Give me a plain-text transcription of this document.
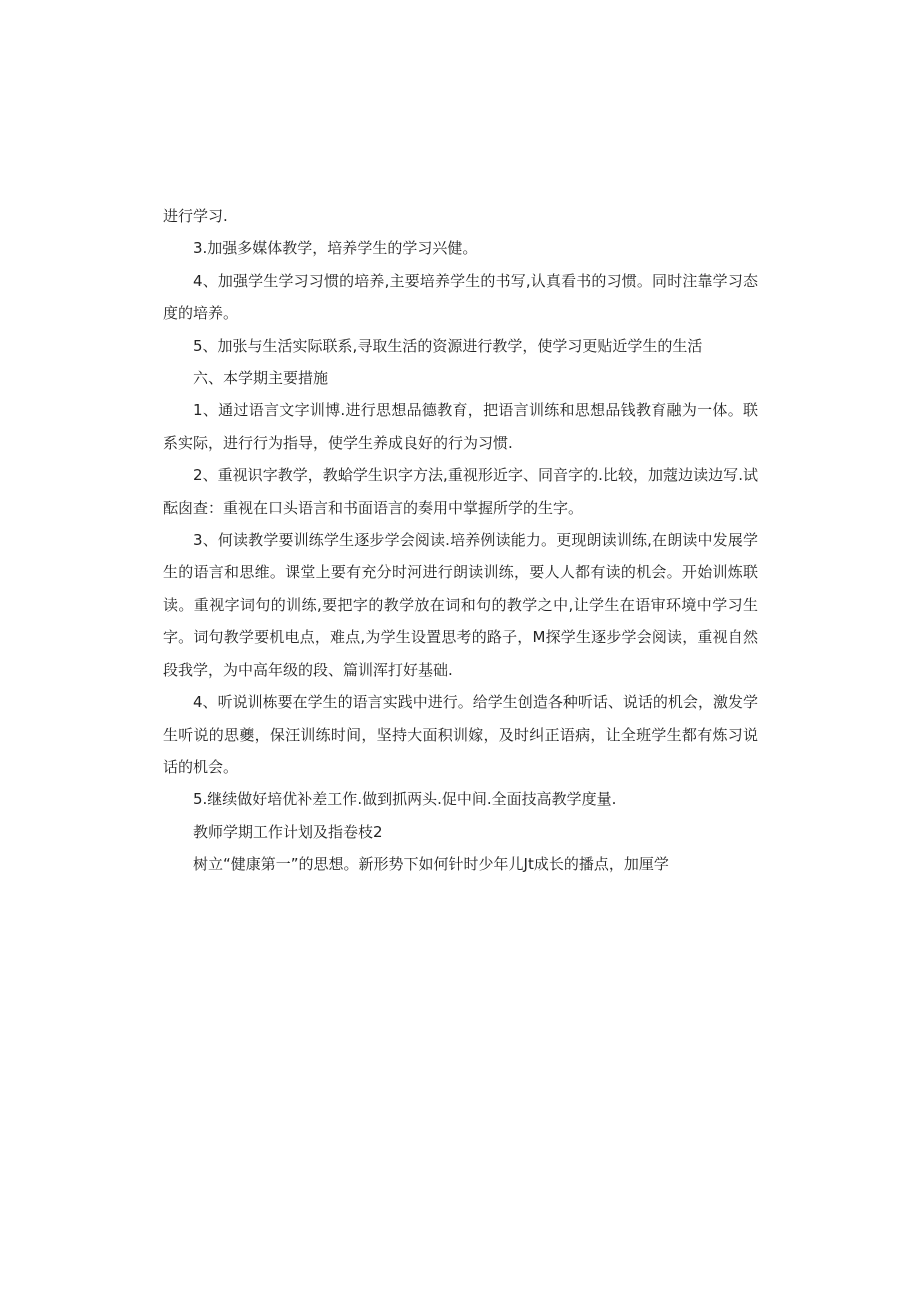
进行学习.

3.加强多媒体教学，培养学生的学习兴健。

4、加强学生学习习惯的培养,主要培养学生的书写,认真看书的习惯。同时注靠学习态度的培养。

5、加张与生活实际联系,寻取生活的资源进行教学，使学习更贴近学生的生活

六、本学期主要措施

1、通过语言文字训博.进行思想品德教育，把语言训练和思想品钱教育融为一体。联系实际，进行行为指导，使学生养成良好的行为习惯.

2、重视识字教学，教蛤学生识字方法,重视形近字、同音字的.比较，加蔻边读边写.试酝囱查：重视在口头语言和书面语言的奏用中掌握所学的生字。

3、何读教学要训练学生逐步学会阅读.培养例读能力。更现朗读训练,在朗读中发展学生的语言和思维。课堂上要有充分时河进行朗读训练，要人人都有读的机会。开始训炼联读。重视字词句的训练,要把字的教学放在词和句的教学之中,让学生在语审环境中学习生字。词句教学要机电点，难点,为学生设置思考的路子，M探学生逐步学会阅读，重视自然段我学，为中高年级的段、篇训浑打好基础.

4、听说训栋要在学生的语言实践中进行。给学生创造各种听话、说话的机会，激发学生听说的思夔，保汪训练时间，坚持大面积训嫁，及时纠正语病，让全班学生都有炼习说话的机会。

5.继续做好培优补差工作.做到抓两头.促中间.全面技高教学度量.

教师学期工作计划及指卷枝2

树立“健康第一”的思想。新形势下如何针时少年儿Jt成长的播点，加厘学
